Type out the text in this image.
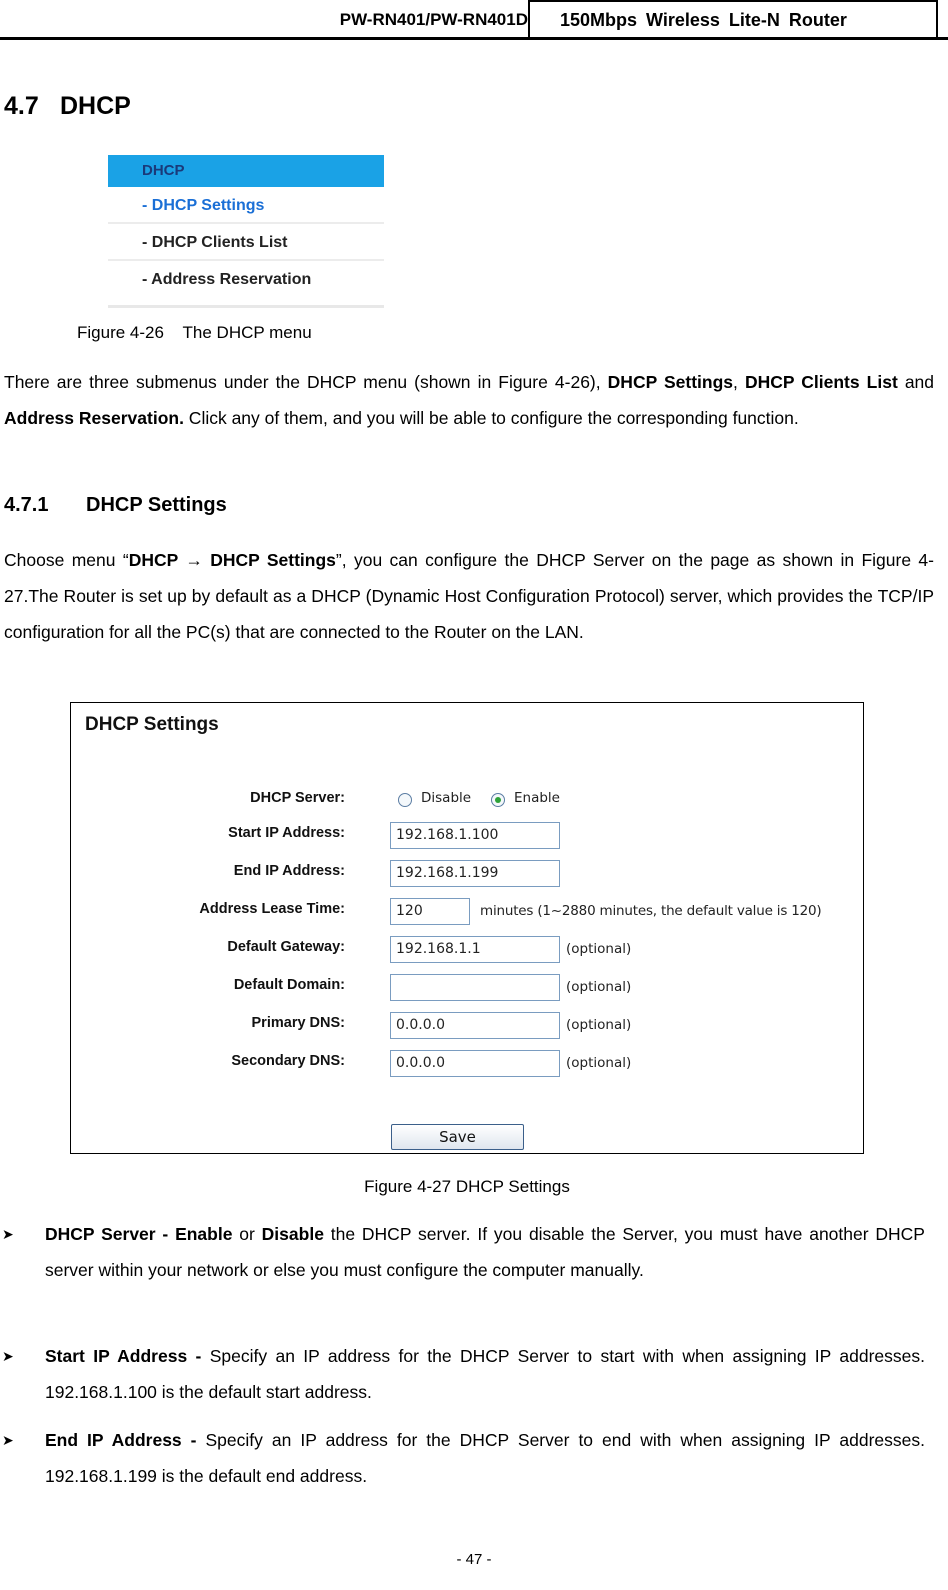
PW-RN401/PW-RN401D	150Mbps Wireless Lite-N Router
4.7 DHCP
DHCP
- DHCP Settings
- DHCP Clients List
- Address Reservation
Figure 4-26    The DHCP menu

There are three submenus under the DHCP menu (shown in Figure 4-26), DHCP Settings, DHCP Clients List and Address Reservation. Click any of them, and you will be able to configure the corresponding function.

4.7.1 DHCP Settings

Choose menu “DHCP → DHCP Settings”, you can configure the DHCP Server on the page as shown in Figure 4-27.The Router is set up by default as a DHCP (Dynamic Host Configuration Protocol) server, which provides the TCP/IP configuration for all the PC(s) that are connected to the Router on the LAN.

DHCP Settings
DHCP Server:	Disable	Enable
Start IP Address:	192.168.1.100
End IP Address:	192.168.1.199
Address Lease Time:	120	minutes (1~2880 minutes, the default value is 120)
Default Gateway:	192.168.1.1	(optional)
Default Domain:	(optional)
Primary DNS:	0.0.0.0	(optional)
Secondary DNS:	0.0.0.0	(optional)
Save
Figure 4-27 DHCP Settings
➤ DHCP Server - Enable or Disable the DHCP server. If you disable the Server, you must have another DHCP server within your network or else you must configure the computer manually.
➤ Start IP Address - Specify an IP address for the DHCP Server to start with when assigning IP addresses. 192.168.1.100 is the default start address.
➤ End IP Address - Specify an IP address for the DHCP Server to end with when assigning IP addresses. 192.168.1.199 is the default end address.
- 47 -
